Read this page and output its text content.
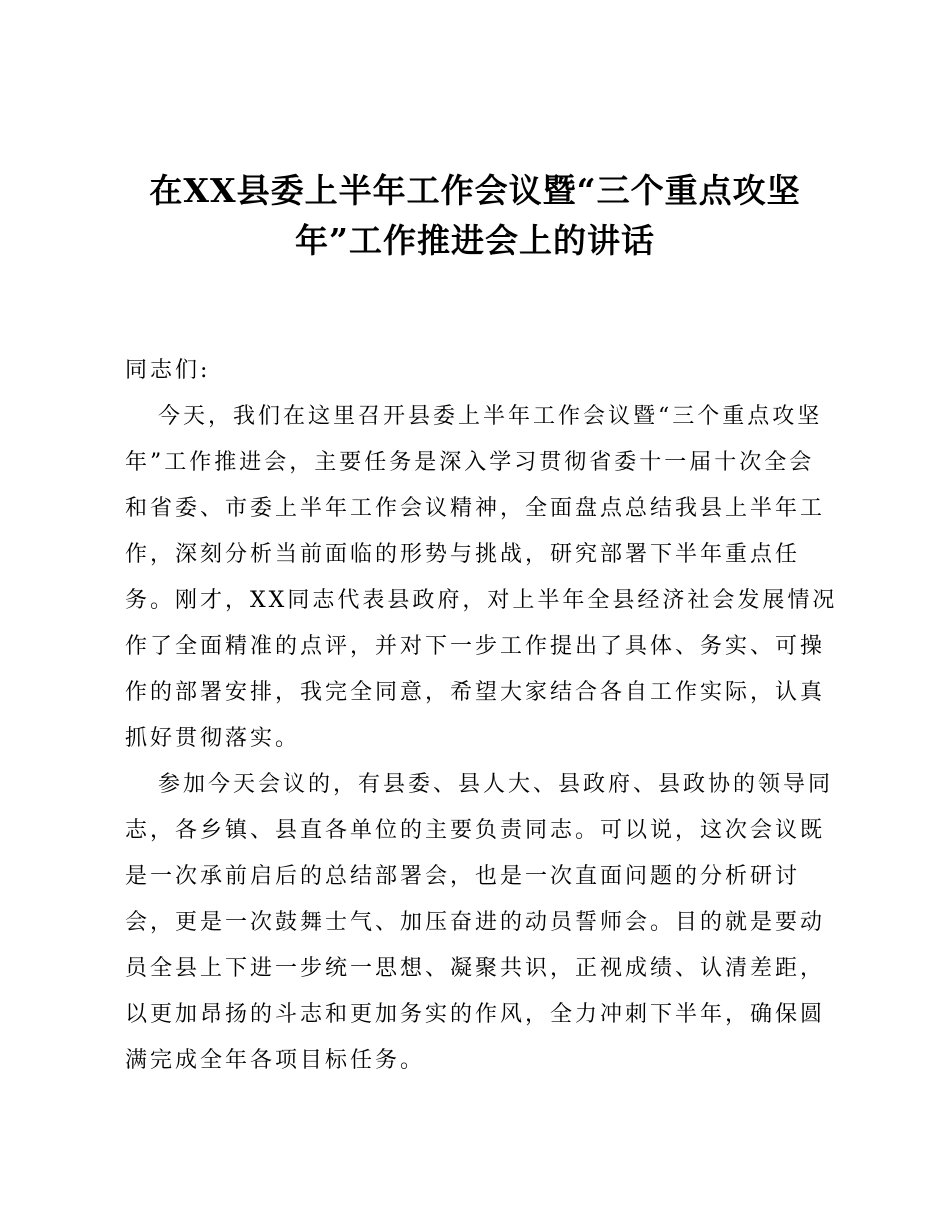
在XX县委上半年工作会议暨“三个重点攻坚
年”工作推进会上的讲话
同志们:
今天，我们在这里召开县委上半年工作会议暨“三个重点攻坚
年”工作推进会，主要任务是深入学习贯彻省委十一届十次全会
和省委、市委上半年工作会议精神，全面盘点总结我县上半年工
作，深刻分析当前面临的形势与挑战，研究部署下半年重点任
务。刚才，XX同志代表县政府，对上半年全县经济社会发展情况
作了全面精准的点评，并对下一步工作提出了具体、务实、可操
作的部署安排，我完全同意，希望大家结合各自工作实际，认真
抓好贯彻落实。
参加今天会议的，有县委、县人大、县政府、县政协的领导同
志，各乡镇、县直各单位的主要负责同志。可以说，这次会议既
是一次承前启后的总结部署会，也是一次直面问题的分析研讨
会，更是一次鼓舞士气、加压奋进的动员誓师会。目的就是要动
员全县上下进一步统一思想、凝聚共识，正视成绩、认清差距，
以更加昂扬的斗志和更加务实的作风，全力冲刺下半年，确保圆
满完成全年各项目标任务。
